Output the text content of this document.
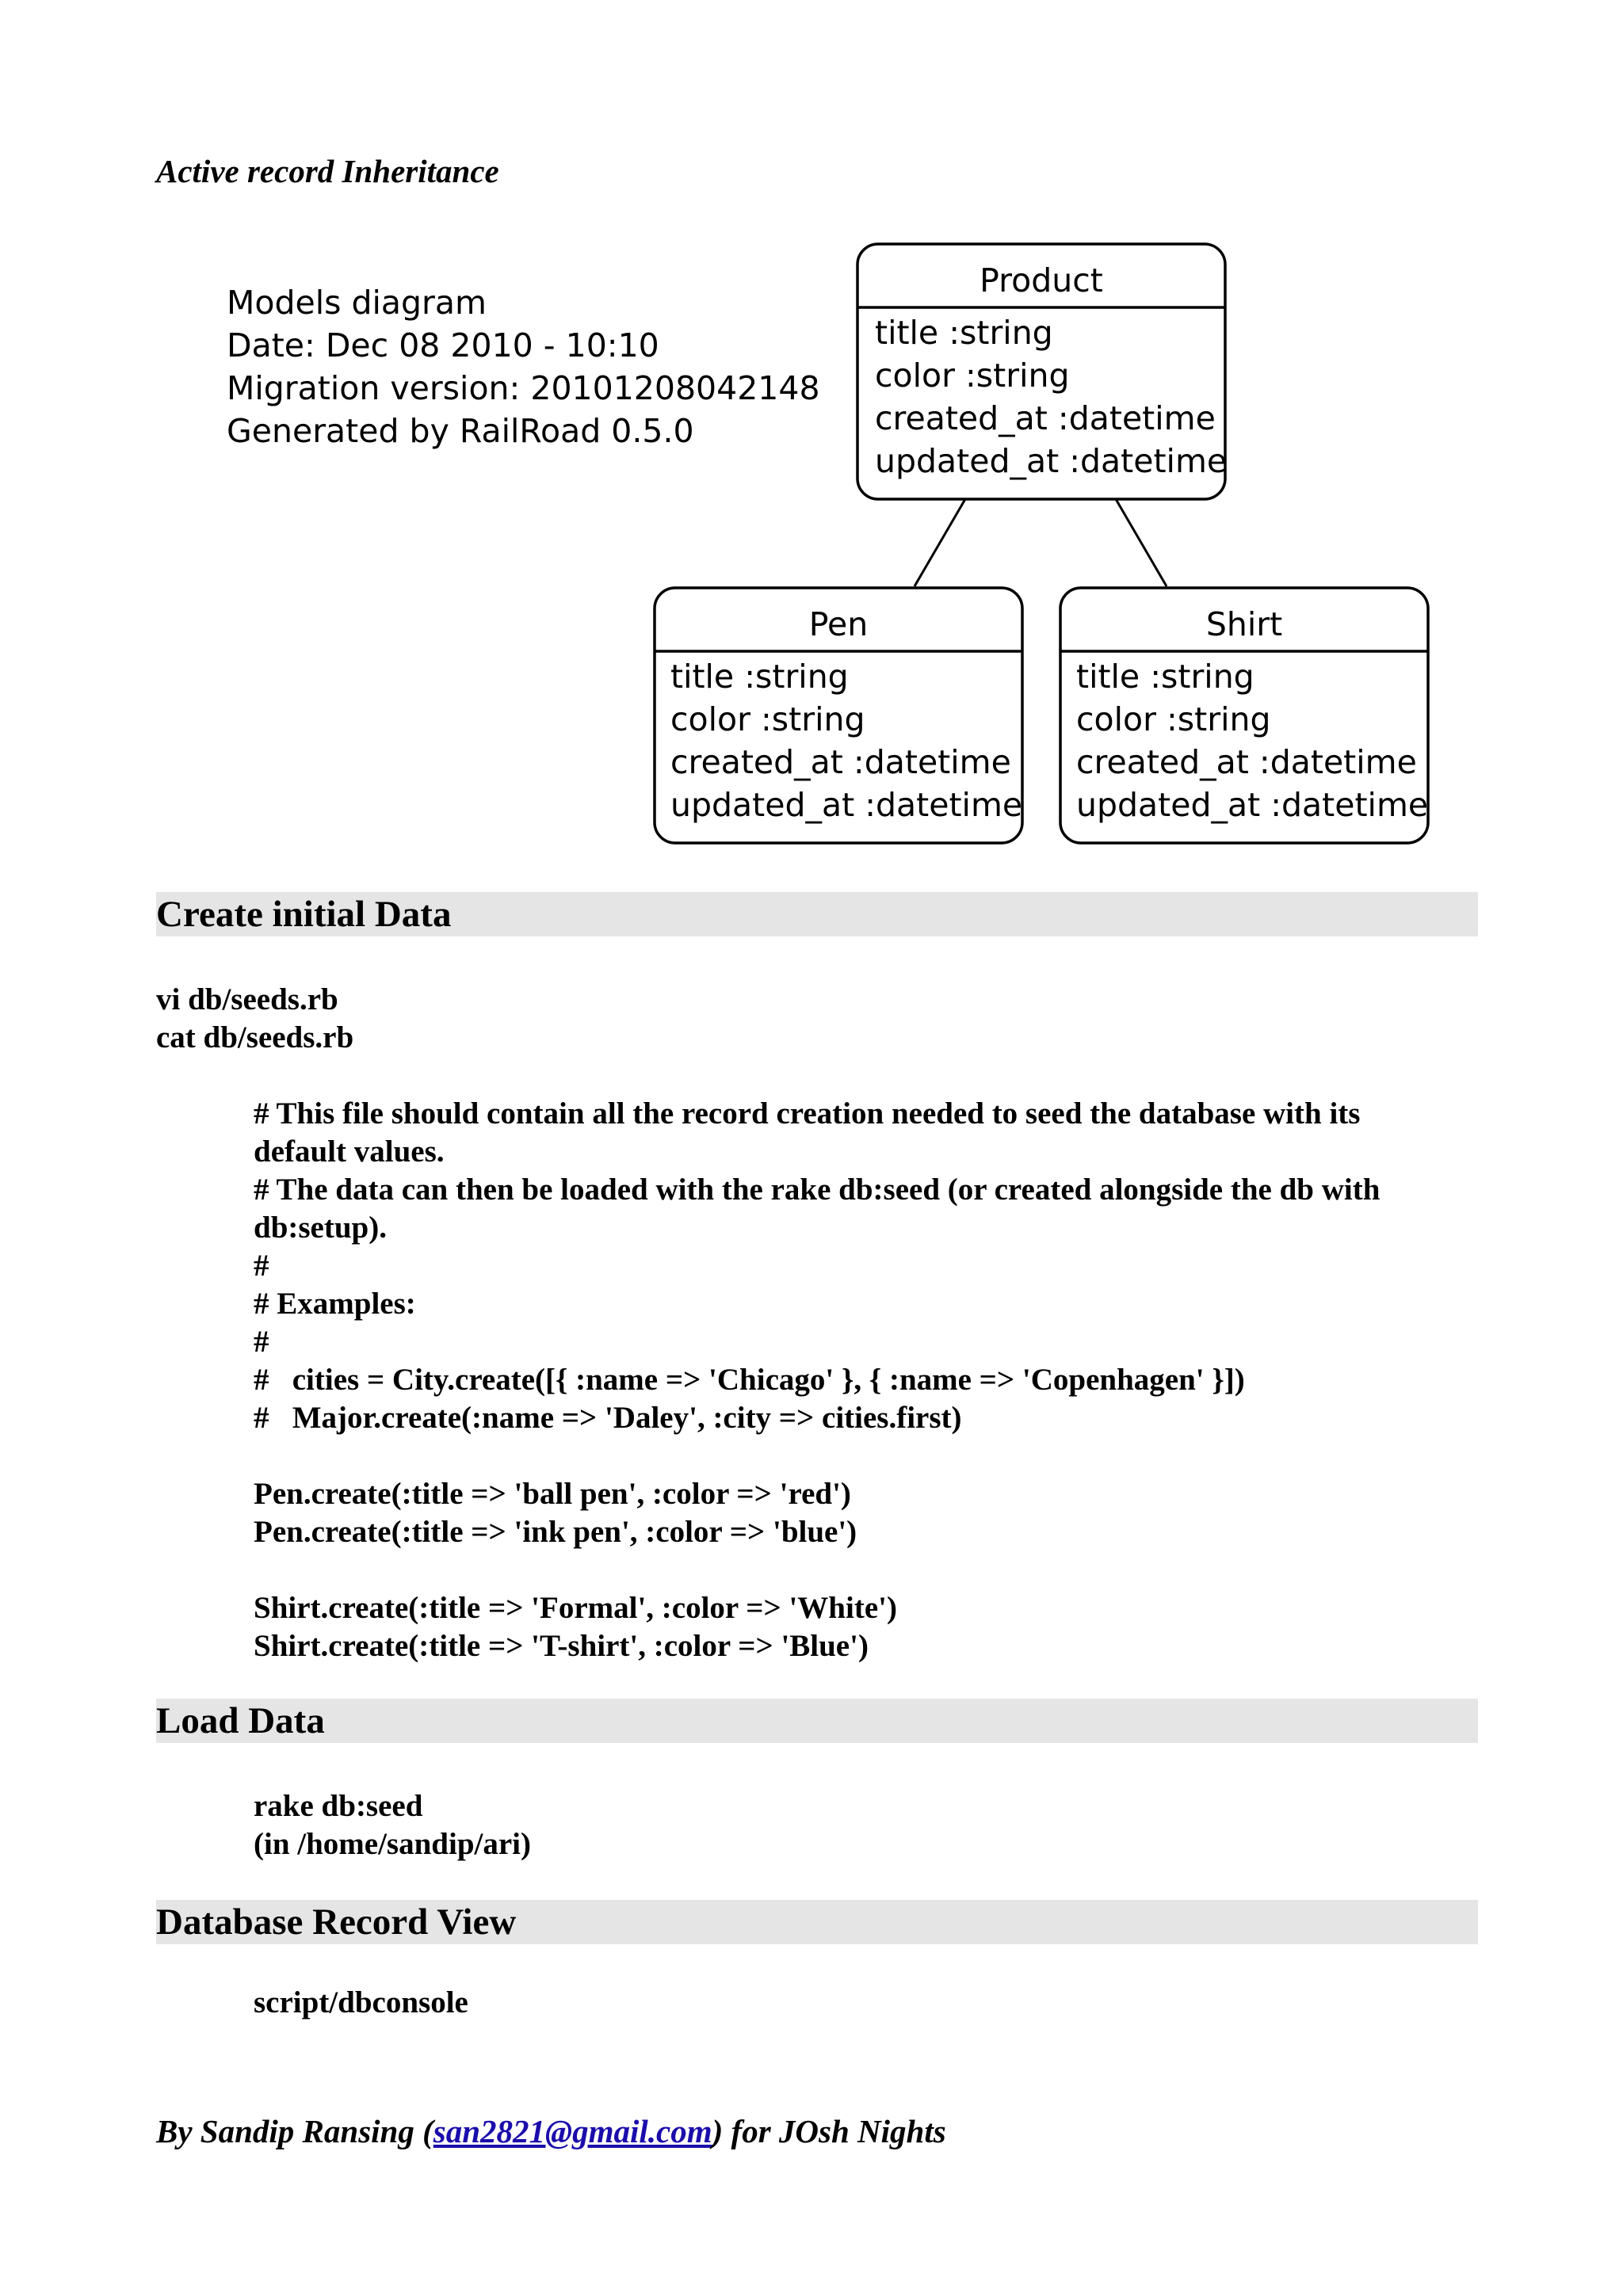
Active record Inheritance
Models diagram
Date: Dec 08 2010 - 10:10
Migration version: 20101208042148
Generated by RailRoad 0.5.0
Product
title :string
color :string
created_at :datetime
updated_at :datetime
Pen
title :string
color :string
created_at :datetime
updated_at :datetime
Shirt
title :string
color :string
created_at :datetime
updated_at :datetime
Create initial Data
vi db/seeds.rb
cat db/seeds.rb
# This file should contain all the record creation needed to seed the database with its
default values.
# The data can then be loaded with the rake db:seed (or created alongside the db with
db:setup).
#
# Examples:
#
#   cities = City.create([{ :name => 'Chicago' }, { :name => 'Copenhagen' }])
#   Major.create(:name => 'Daley', :city => cities.first)
Pen.create(:title => 'ball pen', :color => 'red')
Pen.create(:title => 'ink pen', :color => 'blue')
Shirt.create(:title => 'Formal', :color => 'White')
Shirt.create(:title => 'T-shirt', :color => 'Blue')
Load Data
rake db:seed
(in /home/sandip/ari)
Database Record View
script/dbconsole
By Sandip Ransing (san2821@gmail.com) for JOsh Nights
